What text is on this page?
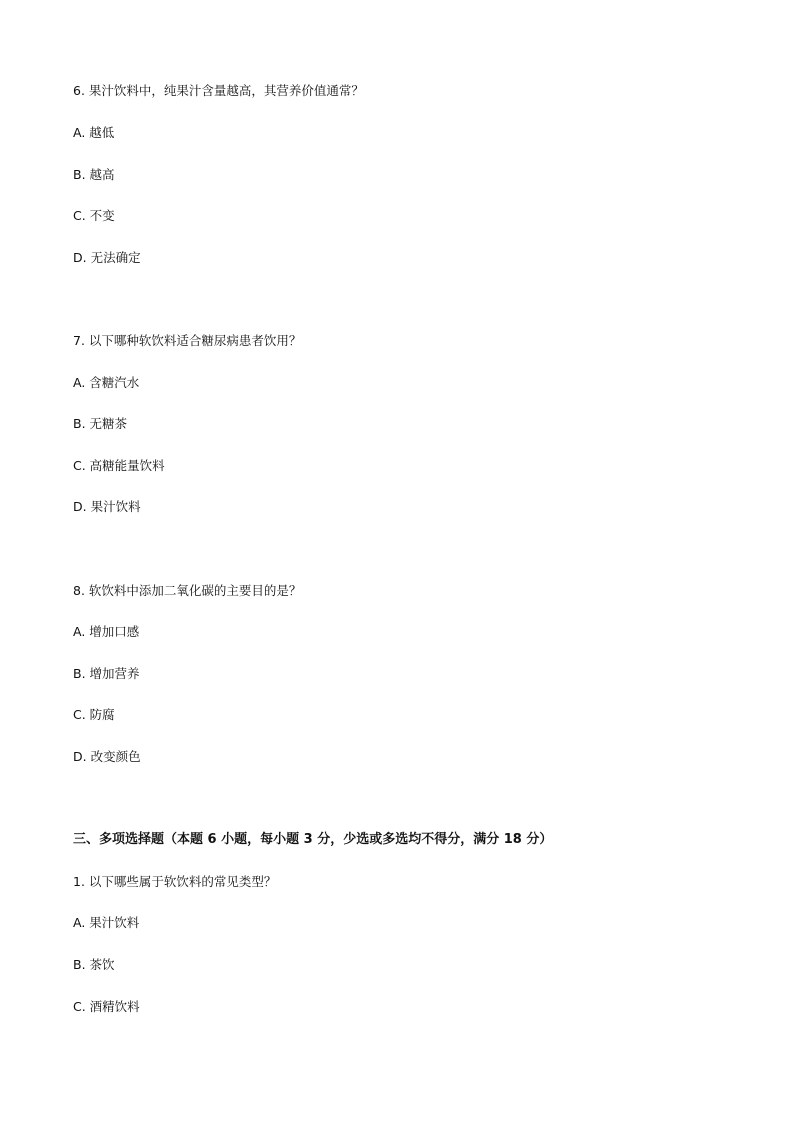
6. 果汁饮料中，纯果汁含量越高，其营养价值通常？
A. 越低
B. 越高
C. 不变
D. 无法确定
7. 以下哪种软饮料适合糖尿病患者饮用？
A. 含糖汽水
B. 无糖茶
C. 高糖能量饮料
D. 果汁饮料
8. 软饮料中添加二氧化碳的主要目的是？
A. 增加口感
B. 增加营养
C. 防腐
D. 改变颜色
三、多项选择题（本题 6 小题，每小题 3 分，少选或多选均不得分，满分 18 分）
1. 以下哪些属于软饮料的常见类型？
A. 果汁饮料
B. 茶饮
C. 酒精饮料
